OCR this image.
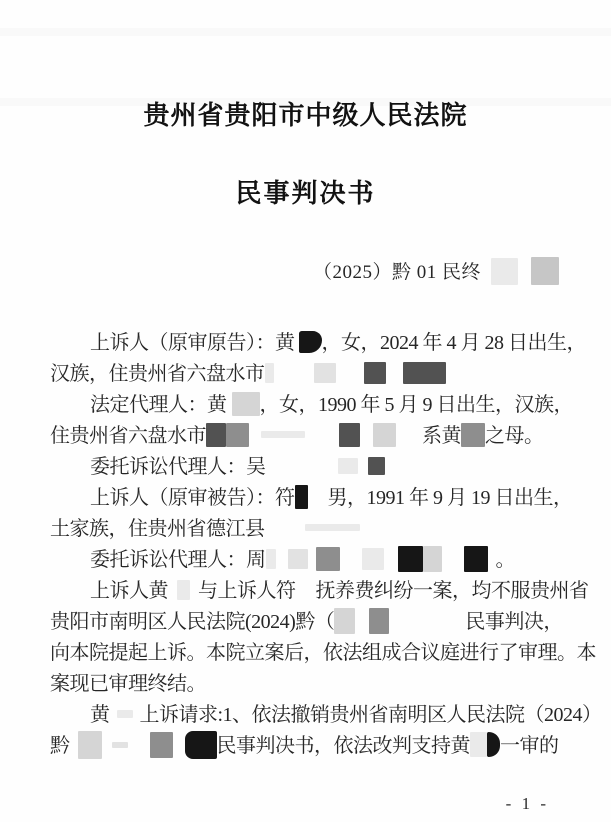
贵州省贵阳市中级人民法院
民事判决书
（2025）黔 01 民终
上诉人（原审原告）：黄 ，女，2024 年 4 月 28 日出生，
汉族，住贵州省六盘水市
法定代理人：黄 ，女，1990 年 5 月 9 日出生，汉族，
住贵州省六盘水市	系黄 之母。
委托诉讼代理人：吴
上诉人（原审被告）：符 男，1991 年 9 月 19 日出生，
土家族，住贵州省德江县
委托诉讼代理人：周	。
上诉人黄 与上诉人符 抚养费纠纷一案，均不服贵州省
贵阳市南明区人民法院(2024)黔（	民事判决，
向本院提起上诉。本院立案后，依法组成合议庭进行了审理。本
案现已审理终结。
黄 上诉请求:1、依法撤销贵州省南明区人民法院（2024）
黔	民事判决书，依法改判支持黄 一审的
- 1 -
